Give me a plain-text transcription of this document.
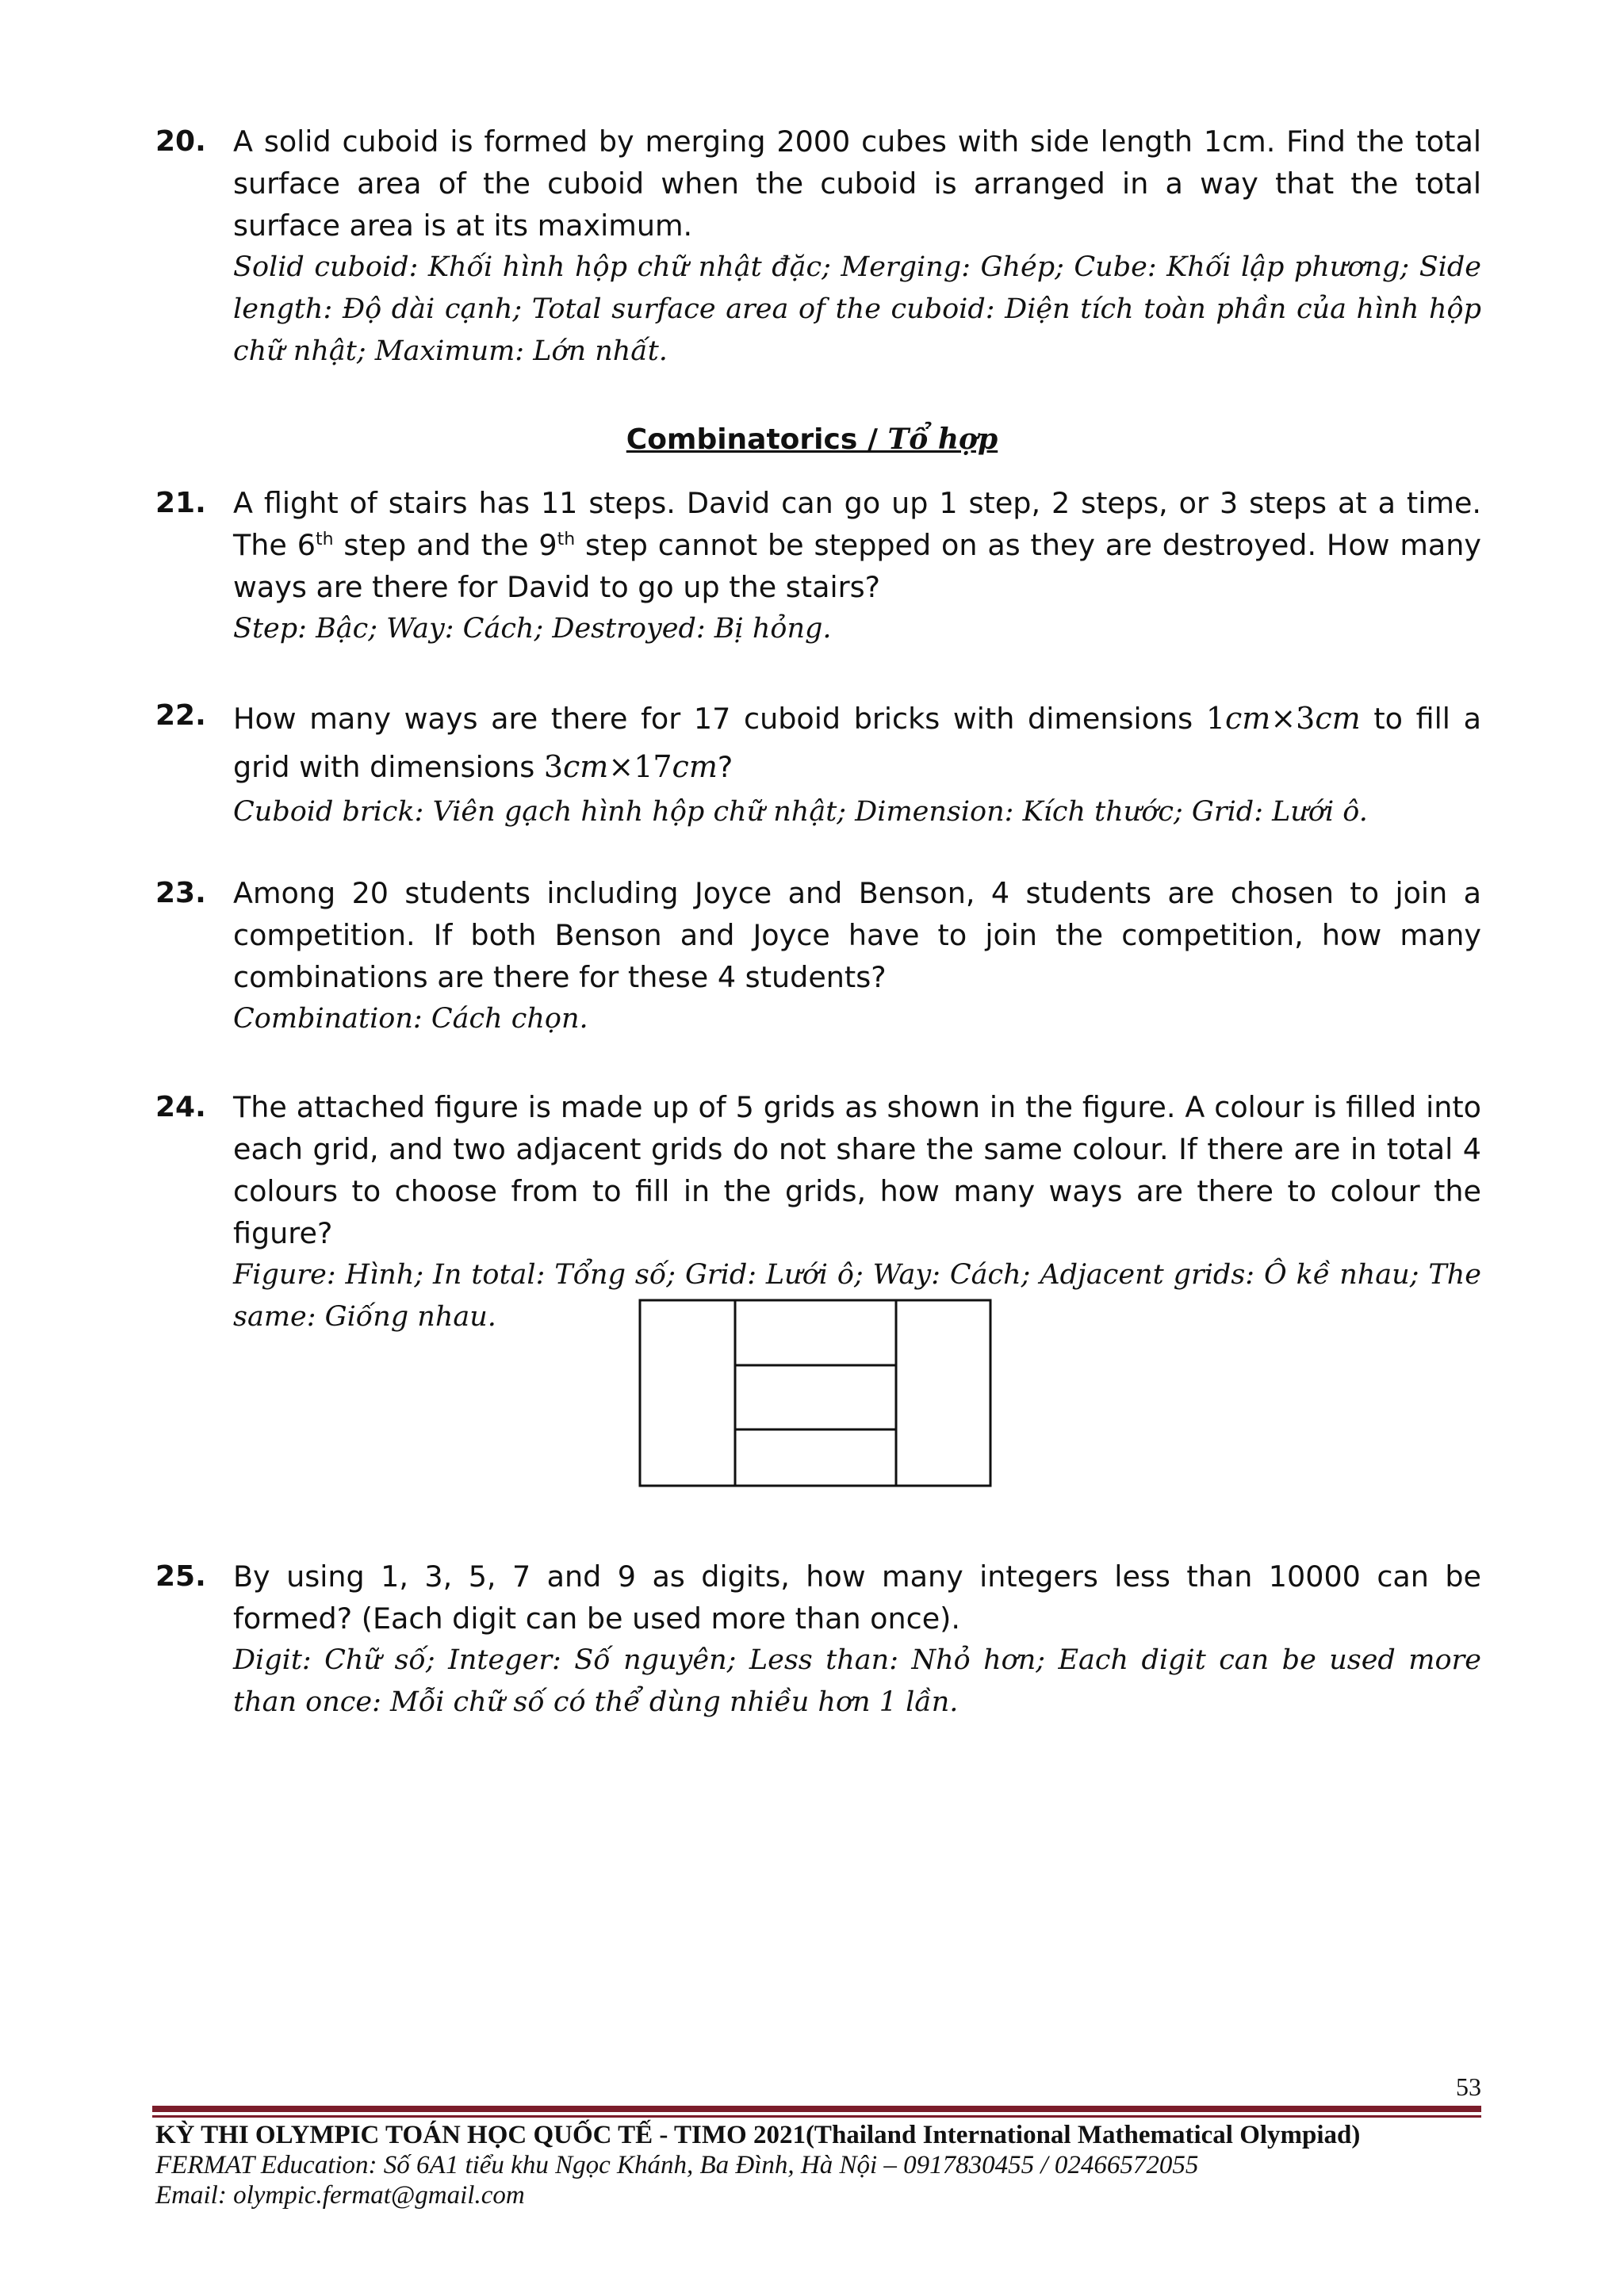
20. A solid cuboid is formed by merging 2000 cubes with side length 1cm. Find the total surface area of the cuboid when the cuboid is arranged in a way that the total surface area is at its maximum.
Solid cuboid: Khối hình hộp chữ nhật đặc; Merging: Ghép; Cube: Khối lập phương; Side length: Độ dài cạnh; Total surface area of the cuboid: Diện tích toàn phần của hình hộp chữ nhật; Maximum: Lớn nhất.
Combinatorics / Tổ hợp
21. A flight of stairs has 11 steps. David can go up 1 step, 2 steps, or 3 steps at a time. The 6th step and the 9th step cannot be stepped on as they are destroyed. How many ways are there for David to go up the stairs?
Step: Bậc; Way: Cách; Destroyed: Bị hỏng.
22. How many ways are there for 17 cuboid bricks with dimensions 1cm×3cm to fill a grid with dimensions 3cm×17cm?
Cuboid brick: Viên gạch hình hộp chữ nhật; Dimension: Kích thước; Grid: Lưới ô.
23. Among 20 students including Joyce and Benson, 4 students are chosen to join a competition. If both Benson and Joyce have to join the competition, how many combinations are there for these 4 students?
Combination: Cách chọn.
24. The attached figure is made up of 5 grids as shown in the figure. A colour is filled into each grid, and two adjacent grids do not share the same colour. If there are in total 4 colours to choose from to fill in the grids, how many ways are there to colour the figure?
Figure: Hình; In total: Tổng số; Grid: Lưới ô; Way: Cách; Adjacent grids: Ô kề nhau; The same: Giống nhau.
25. By using 1, 3, 5, 7 and 9 as digits, how many integers less than 10000 can be formed? (Each digit can be used more than once).
Digit: Chữ số; Integer: Số nguyên; Less than: Nhỏ hơn; Each digit can be used more than once: Mỗi chữ số có thể dùng nhiều hơn 1 lần.
53
KỲ THI OLYMPIC TOÁN HỌC QUỐC TẾ - TIMO 2021(Thailand International Mathematical Olympiad)
FERMAT Education: Số 6A1 tiểu khu Ngọc Khánh, Ba Đình, Hà Nội – 0917830455 / 02466572055
Email: olympic.fermat@gmail.com
